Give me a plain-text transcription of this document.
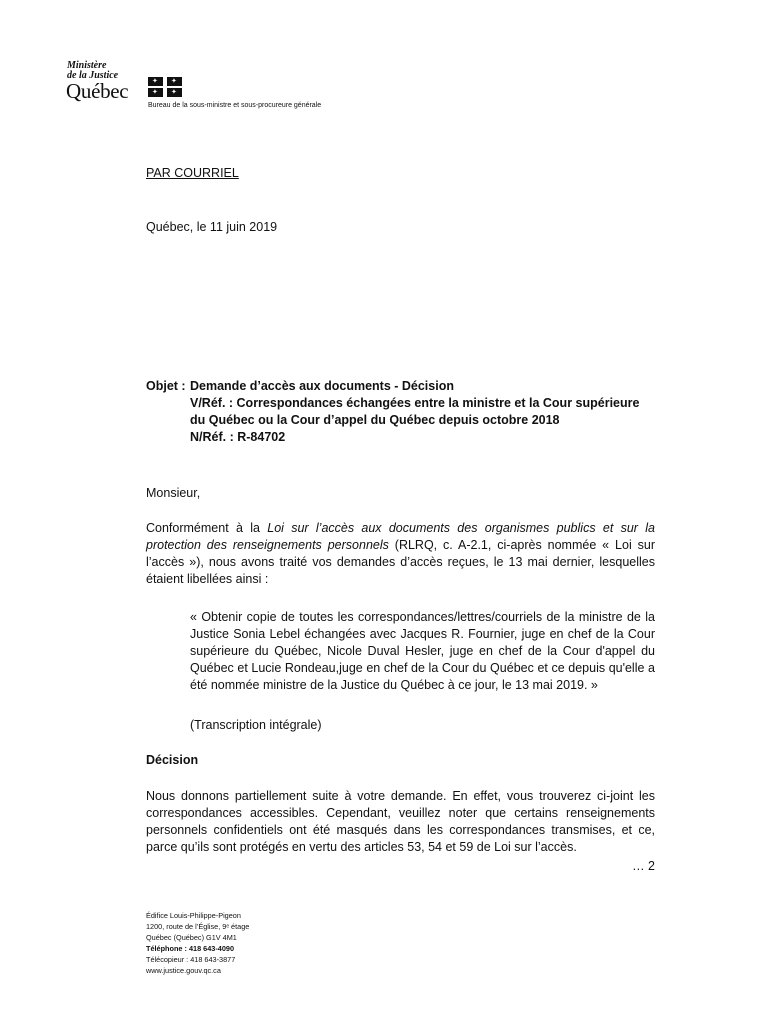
Ministère
de la Justice
Québec
✦
✦
✦
✦
Bureau de la sous-ministre et sous-procureure générale
PAR COURRIEL
Québec, le 11 juin 2019
Objet : Demande d’accès aux documents - Décision
V/Réf. : Correspondances échangées entre la ministre et la Cour supérieure
du Québec ou la Cour d’appel du Québec depuis octobre 2018
N/Réf. : R-84702
Monsieur,
Conformément à la Loi sur l’accès aux documents des organismes publics et sur la protection des renseignements personnels (RLRQ, c. A-2.1, ci-après nommée « Loi sur l’accès »), nous avons traité vos demandes d’accès reçues, le 13 mai dernier, lesquelles étaient libellées ainsi :
« Obtenir copie de toutes les correspondances/lettres/courriels de la ministre de la Justice Sonia Lebel échangées avec Jacques R. Fournier, juge en chef de la Cour supérieure du Québec, Nicole Duval Hesler, juge en chef de la Cour d'appel du Québec et Lucie Rondeau,juge en chef de la Cour du Québec et ce depuis qu'elle a été nommée ministre de la Justice du Québec à ce jour, le 13 mai 2019. »
(Transcription intégrale)
Décision
Nous donnons partiellement suite à votre demande. En effet, vous trouverez ci-joint les correspondances accessibles. Cependant, veuillez noter que certains renseignements personnels confidentiels ont été masqués dans les correspondances transmises, et ce, parce qu’ils sont protégés en vertu des articles 53, 54 et 59 de Loi sur l’accès.
… 2
Édifice Louis-Philippe-Pigeon
1200, route de l’Église, 9ᵉ étage
Québec (Québec) G1V 4M1
Téléphone : 418 643-4090
Télécopieur : 418 643-3877
www.justice.gouv.qc.ca
